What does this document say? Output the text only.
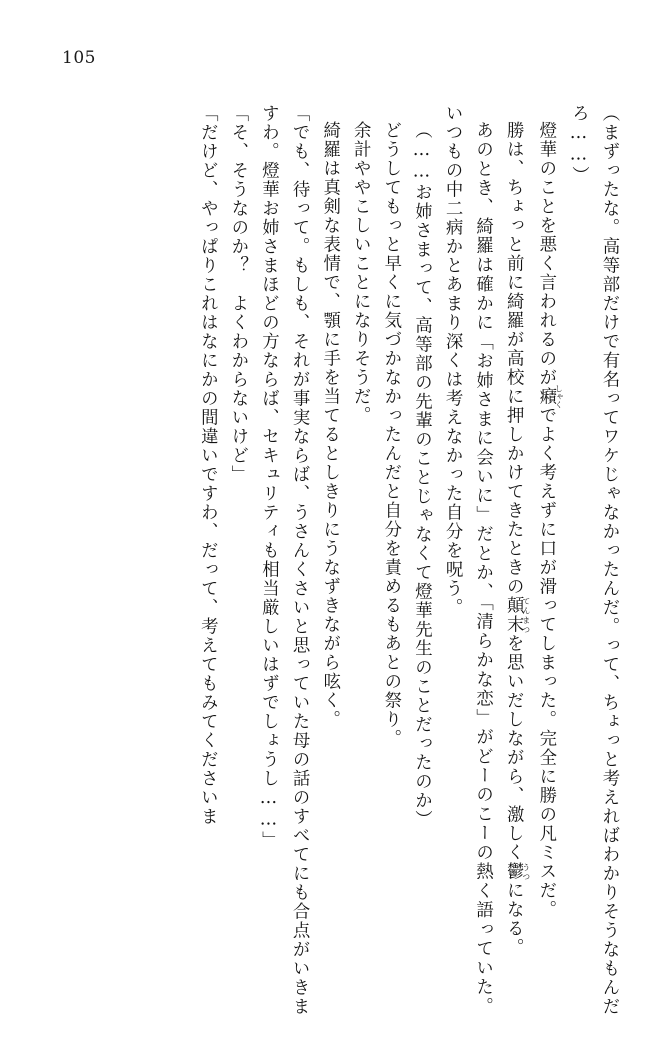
105

（まずったな。高等部だけで有名ってワケじゃなかったんだ。って、ちょっと考えればわかりそうなもんだろ……）

燈華のことを悪く言われるのが癪しゃくでよく考えずに口が滑ってしまった。完全に勝の凡ミスだ。

勝は、ちょっと前に綺羅が高校に押しかけてきたときの顛末てんまつを思いだしながら、激しく鬱うつになる。

あのとき、綺羅は確かに「お姉さまに会いに」だとか、「清らかな恋」がどーのこーの熱く語っていた。いつもの中二病かとあまり深くは考えなかった自分を呪う。

（……お姉さまって、高等部の先輩のことじゃなくて燈華先生のことだったのか）

どうしてもっと早くに気づかなかったんだと自分を責めるもあとの祭り。

余計ややこしいことになりそうだ。

綺羅は真剣な表情で、顎に手を当てるとしきりにうなずきながら呟く。

「でも、待って。もしも、それが事実ならば、うさんくさいと思っていた母の話のすべてにも合点がいきますわ。燈華お姉さまほどの方ならば、セキュリティも相当厳しいはずでしょうし……」

「そ、そうなのか？　よくわからないけど」

「だけど、やっぱりこれはなにかの間違いですわ、だって、考えてもみてくださいま
